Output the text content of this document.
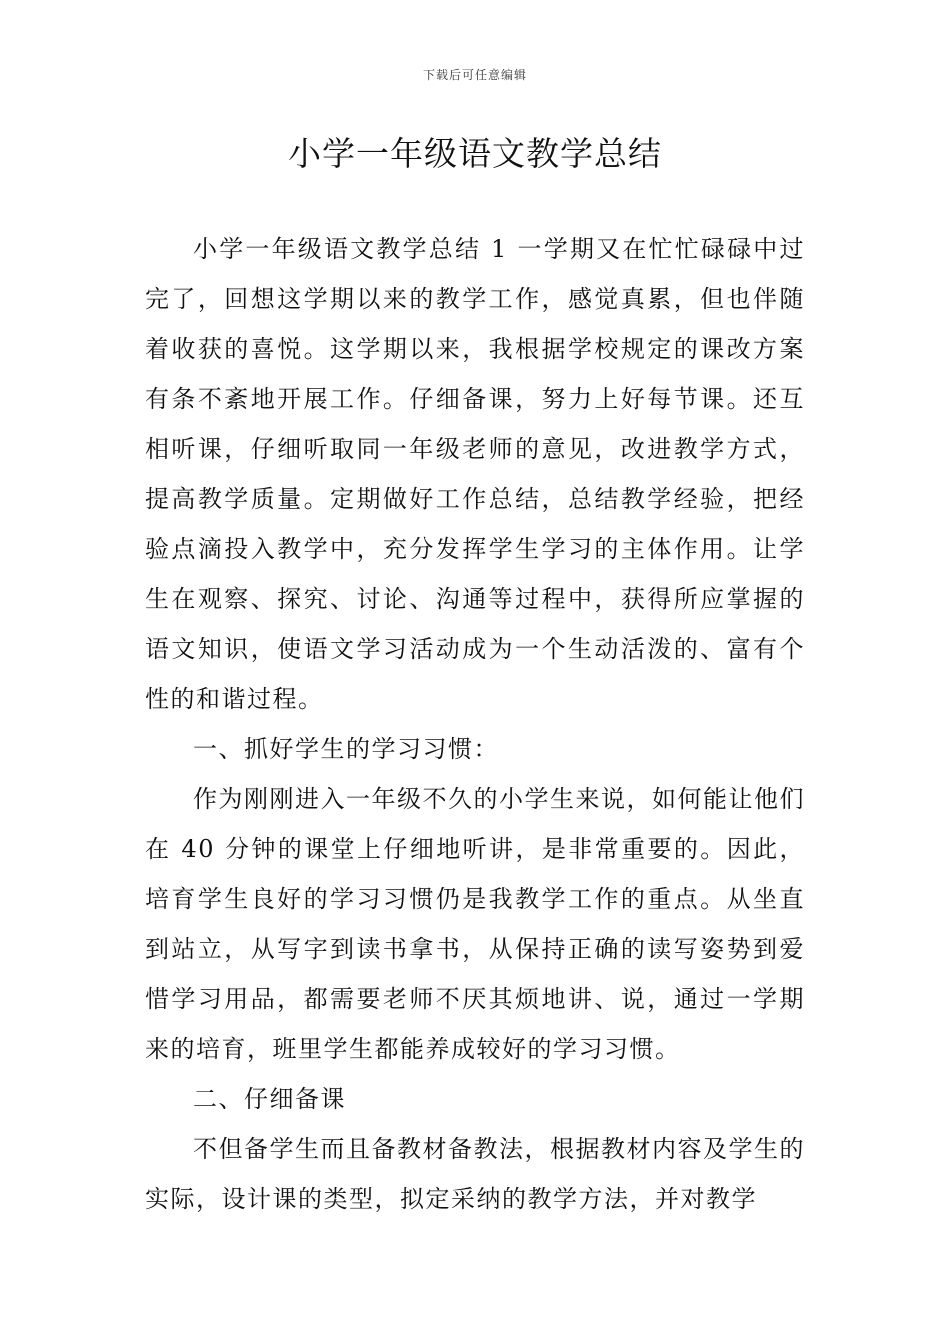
下载后可任意编辑
小学一年级语文教学总结

小学一年级语文教学总结 1 一学期又在忙忙碌碌中过完了，回想这学期以来的教学工作，感觉真累，但也伴随着收获的喜悦。这学期以来，我根据学校规定的课改方案有条不紊地开展工作。仔细备课，努力上好每节课。还互相听课，仔细听取同一年级老师的意见，改进教学方式，提高教学质量。定期做好工作总结，总结教学经验，把经验点滴投入教学中，充分发挥学生学习的主体作用。让学生在观察、探究、讨论、沟通等过程中，获得所应掌握的语文知识，使语文学习活动成为一个生动活泼的、富有个性的和谐过程。

一、抓好学生的学习习惯：

作为刚刚进入一年级不久的小学生来说，如何能让他们在 40 分钟的课堂上仔细地听讲，是非常重要的。因此，培育学生良好的学习习惯仍是我教学工作的重点。从坐直到站立，从写字到读书拿书，从保持正确的读写姿势到爱惜学习用品，都需要老师不厌其烦地讲、说，通过一学期来的培育，班里学生都能养成较好的学习习惯。

二、仔细备课

不但备学生而且备教材备教法，根据教材内容及学生的实际，设计课的类型，拟定采纳的教学方法，并对教学
